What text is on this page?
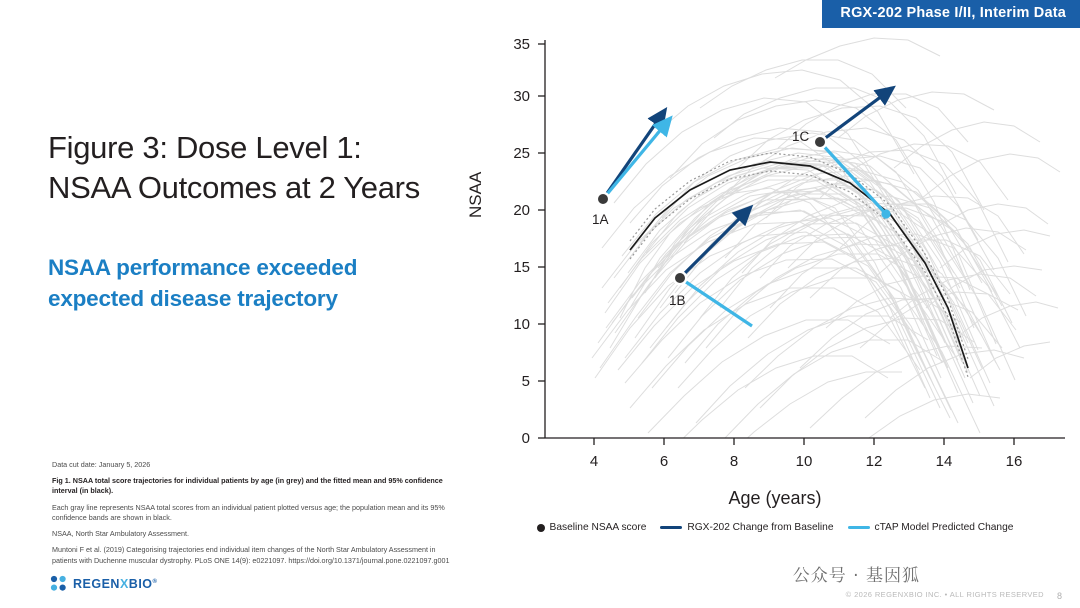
RGX-202 Phase I/II, Interim Data
Figure 3: Dose Level 1: NSAA Outcomes at 2 Years
NSAA performance exceeded expected disease trajectory
Data cut date: January 5, 2026
Fig 1. NSAA total score trajectories for individual patients by age (in grey) and the fitted mean and 95% confidence interval (in black).
Each gray line represents NSAA total scores from an individual patient plotted versus age; the population mean and its 95% confidence bands are shown in black.
NSAA, North Star Ambulatory Assessment.
Muntoni F et al. (2019) Categorising trajectories end individual item changes of the North Star Ambulatory Assessment in patients with Duchenne muscular dystrophy. PLoS ONE 14(9): e0221097. https://doi.org/10.1371/journal.pone.0221097.g001
REGENXBIO®
NSAA
Age (years)
0
5
10
15
20
25
30
35
4	6	8	10	12	14	16
1A
1B
1C
Baseline NSAA score	RGX-202 Change from Baseline	cTAP Model Predicted Change
公众号 · 基因狐
© 2026 REGENXBIO INC. • ALL RIGHTS RESERVED 8
